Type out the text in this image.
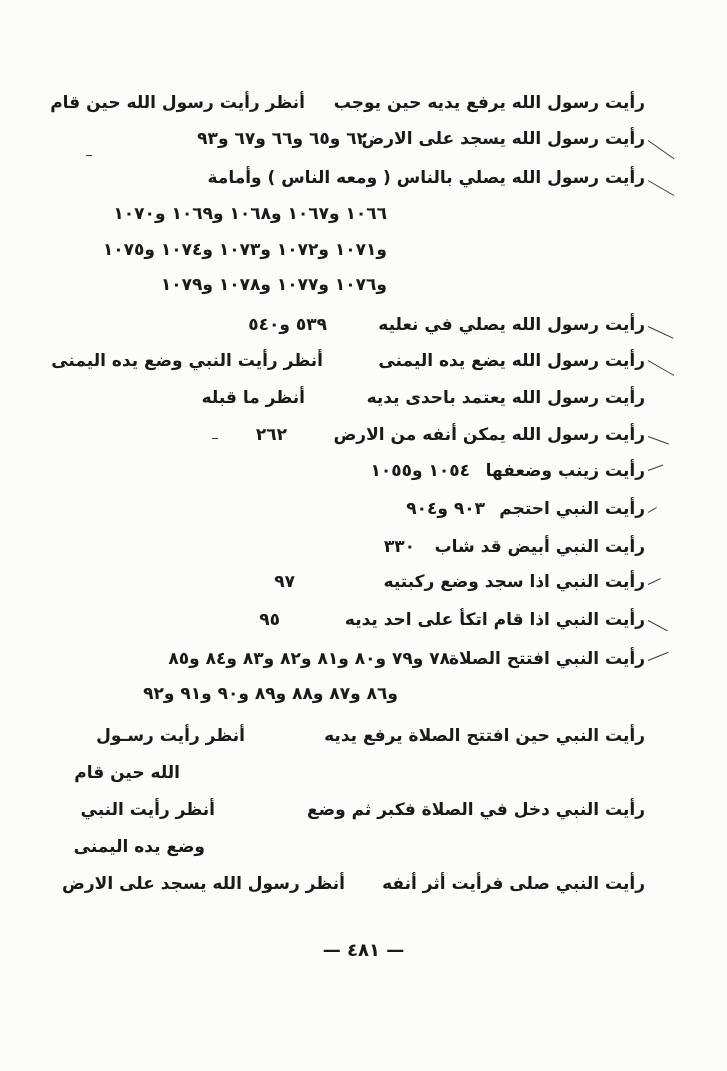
رأيت رسول الله يرفع يديه حين يوجب
أنظر رأيت رسول الله حين قام
رأيت رسول الله يسجد على الارض
٦٢ و٦٥ و٦٦ و٦٧ و٩٣
رأيت رسول الله يصلي بالناس ( ومعه الناس ) وأمامة
١٠٦٦ و١٠٦٧ و١٠٦٨ و١٠٦٩ و١٠٧٠
و١٠٧١ و١٠٧٢ و١٠٧٣ و١٠٧٤ و١٠٧٥
و١٠٧٦ و١٠٧٧ و١٠٧٨ و١٠٧٩
رأيت رسول الله يصلي في نعليه
٥٣٩ و٥٤٠
رأيت رسول الله يضع يده اليمنى
أنظر رأيت النبي وضع يده اليمنى
رأيت رسول الله يعتمد باحدى يديه
أنظر ما قبله
رأيت رسول الله يمكن أنفه من الارض
٢٦٢
رأيت زينب وضعفها
١٠٥٤ و١٠٥٥
رأيت النبي احتجم
٩٠٣ و٩٠٤
رأيت النبي أبيض قد شاب
٣٣٠
رأيت النبي اذا سجد وضع ركبتيه
٩٧
رأيت النبي اذا قام اتكأ على احد يديه
٩٥
رأيت النبي افتتح الصلاة
٧٨ و٧٩ و٨٠ و٨١ و٨٢ و٨٣ و٨٤ و٨٥
و٨٦ و٨٧ و٨٨ و٨٩ و٩٠ و٩١ و٩٢
رأيت النبي حين افتتح الصلاة يرفع يديه
أنظر رأيت رسـول
الله حين قام
رأيت النبي دخل في الصلاة فكبر ثم وضع
أنظر رأيت النبي
وضع يده اليمنى
رأيت النبي صلى فرأيت أثر أنفه
أنظر رسول الله يسجد على الارض
— ٤٨١ —
